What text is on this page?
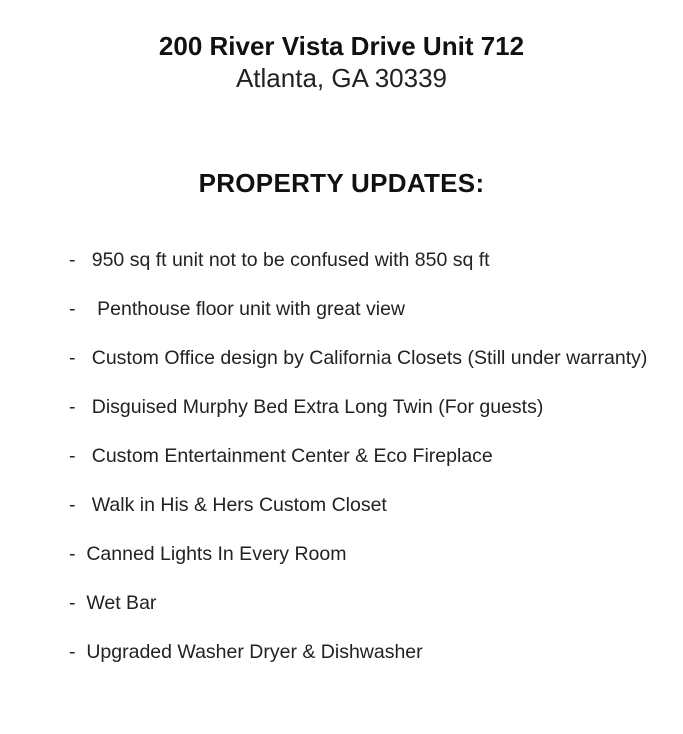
200 River Vista Drive Unit 712
Atlanta, GA 30339
PROPERTY UPDATES:
-   950 sq ft unit not to be confused with 850 sq ft
-    Penthouse floor unit with great view
-   Custom Office design by California Closets (Still under warranty)
-   Disguised Murphy Bed Extra Long Twin (For guests)
-   Custom Entertainment Center & Eco Fireplace
-   Walk in His & Hers Custom Closet
-  Canned Lights In Every Room
-  Wet Bar
-  Upgraded Washer Dryer & Dishwasher
